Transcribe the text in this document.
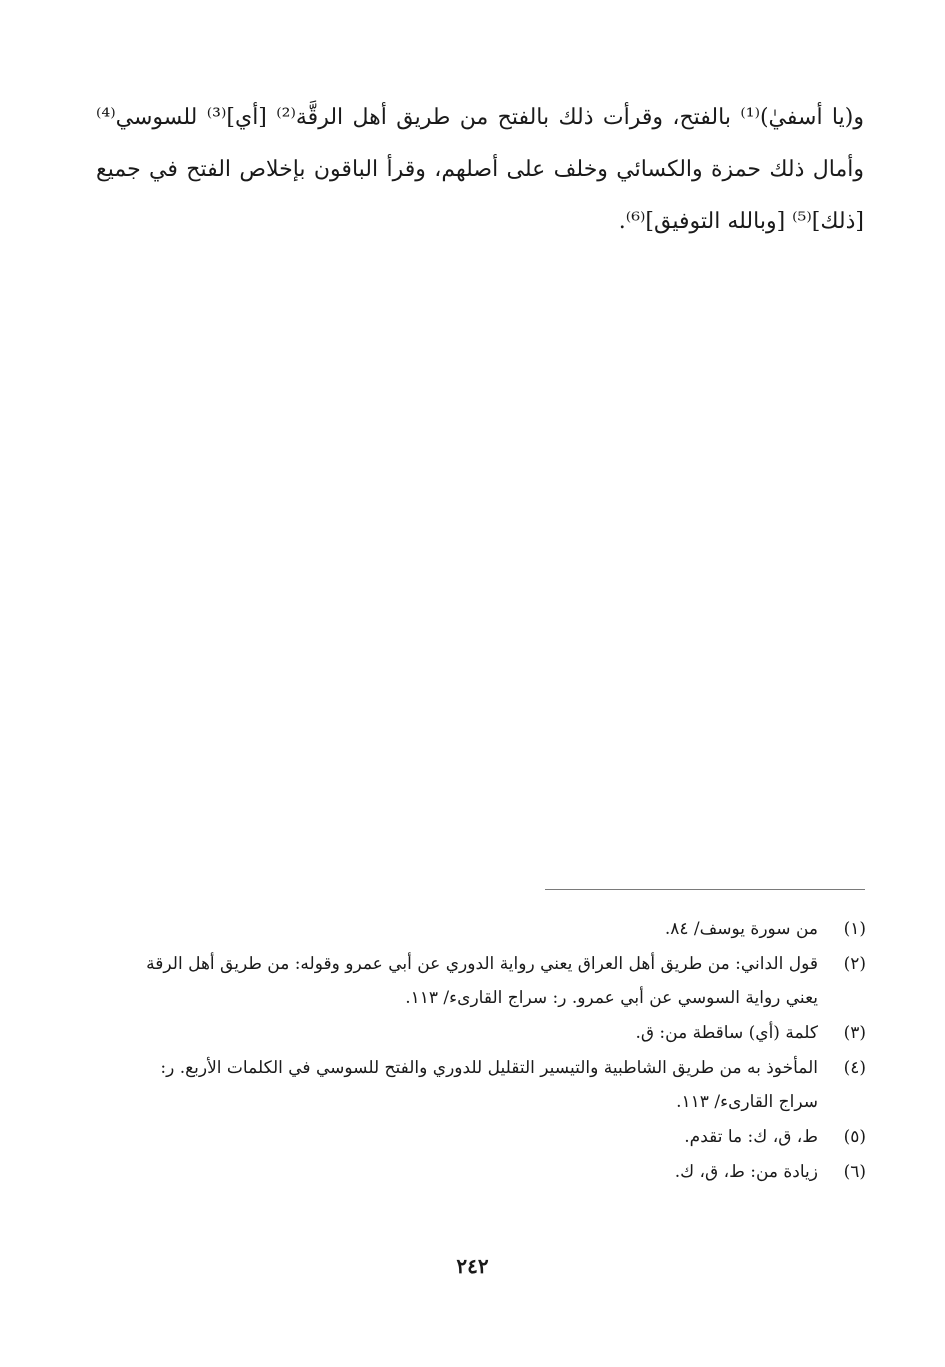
و(يا أسفيٰ)⁽¹⁾ بالفتح، وقرأت ذلك بالفتح من طريق أهل الرقَّة⁽²⁾ [أي]⁽³⁾ للسوسي⁽⁴⁾
وأمال ذلك حمزة والكسائي وخلف على أصلهم، وقرأ الباقون بإخلاص الفتح في جميع
[ذلك]⁽⁵⁾ [وبالله التوفيق]⁽⁶⁾.
(١)
من سورة يوسف/ ٨٤.
(٢)
قول الداني: من طريق أهل العراق يعني رواية الدوري عن أبي عمرو وقوله: من طريق أهل الرقة
يعني رواية السوسي عن أبي عمرو. ر: سراج القارىء/ ١١٣.
(٣)
كلمة (أي) ساقطة من: ق.
(٤)
المأخوذ به من طريق الشاطبية والتيسير التقليل للدوري والفتح للسوسي في الكلمات الأربع. ر:
سراج القارىء/ ١١٣.
(٥)
ط، ق، ك: ما تقدم.
(٦)
زيادة من: ط، ق، ك.
٢٤٢
